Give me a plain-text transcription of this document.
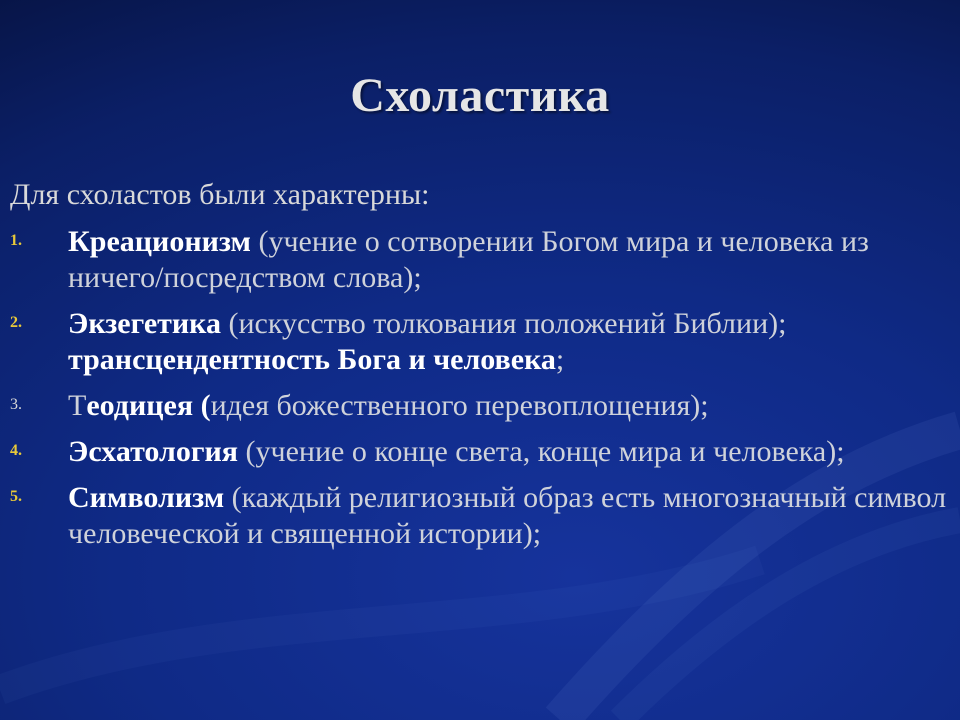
Схоластика
Для схоластов были характерны:
1. Креационизм (учение о сотворении Богом мира и человека из ничего/посредством слова);
2. Экзегетика (искусство толкования положений Библии);
трансцендентность Бога и человека;
3. Теодицея (идея божественного перевоплощения);
4. Эсхатология (учение о конце света, конце мира и человека);
5. Символизм (каждый религиозный образ есть многозначный символ человеческой и священной истории);
